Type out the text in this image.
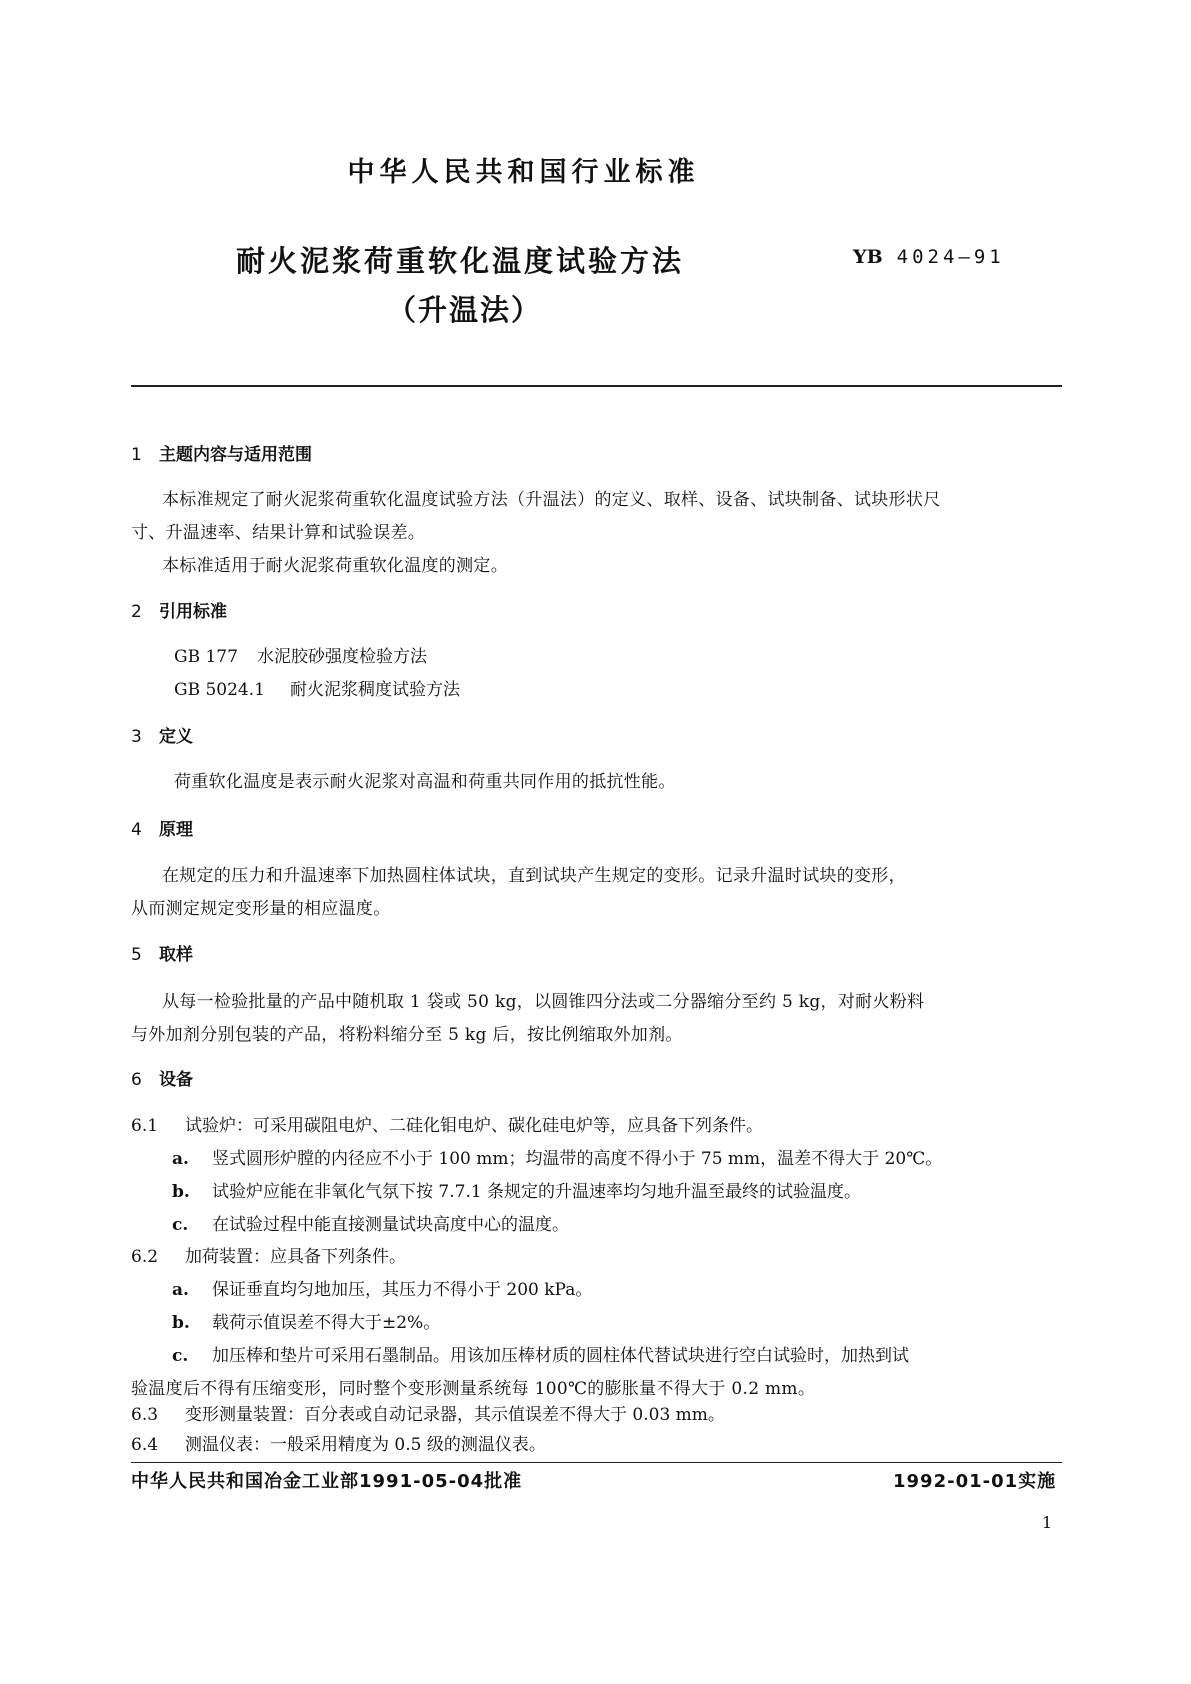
中华人民共和国行业标准
耐火泥浆荷重软化温度试验方法
（升温法）
YB 4024—91
1 主题内容与适用范围
本标准规定了耐火泥浆荷重软化温度试验方法（升温法）的定义、取样、设备、试块制备、试块形状尺
寸、升温速率、结果计算和试验误差。
本标准适用于耐火泥浆荷重软化温度的测定。
2 引用标准
GB 177 水泥胶砂强度检验方法
GB 5024.1 耐火泥浆稠度试验方法
3 定义
荷重软化温度是表示耐火泥浆对高温和荷重共同作用的抵抗性能。
4 原理
在规定的压力和升温速率下加热圆柱体试块，直到试块产生规定的变形。记录升温时试块的变形，
从而测定规定变形量的相应温度。
5 取样
从每一检验批量的产品中随机取 1 袋或 50 kg，以圆锥四分法或二分器缩分至约 5 kg，对耐火粉料
与外加剂分别包装的产品，将粉料缩分至 5 kg 后，按比例缩取外加剂。
6 设备
6.1 试验炉：可采用碳阻电炉、二硅化钼电炉、碳化硅电炉等，应具备下列条件。
a. 竖式圆形炉膛的内径应不小于 100 mm；均温带的高度不得小于 75 mm，温差不得大于 20℃。
b. 试验炉应能在非氧化气氛下按 7.7.1 条规定的升温速率均匀地升温至最终的试验温度。
c. 在试验过程中能直接测量试块高度中心的温度。
6.2 加荷装置：应具备下列条件。
a. 保证垂直均匀地加压，其压力不得小于 200 kPa。
b. 载荷示值误差不得大于±2%。
c. 加压棒和垫片可采用石墨制品。用该加压棒材质的圆柱体代替试块进行空白试验时，加热到试
验温度后不得有压缩变形，同时整个变形测量系统每 100℃的膨胀量不得大于 0.2 mm。
6.3 变形测量装置：百分表或自动记录器，其示值误差不得大于 0.03 mm。
中华人民共和国冶金工业部1991-05-04批准	1992-01-01实施
1
6.4 测温仪表：一般采用精度为 0.5 级的测温仪表。
